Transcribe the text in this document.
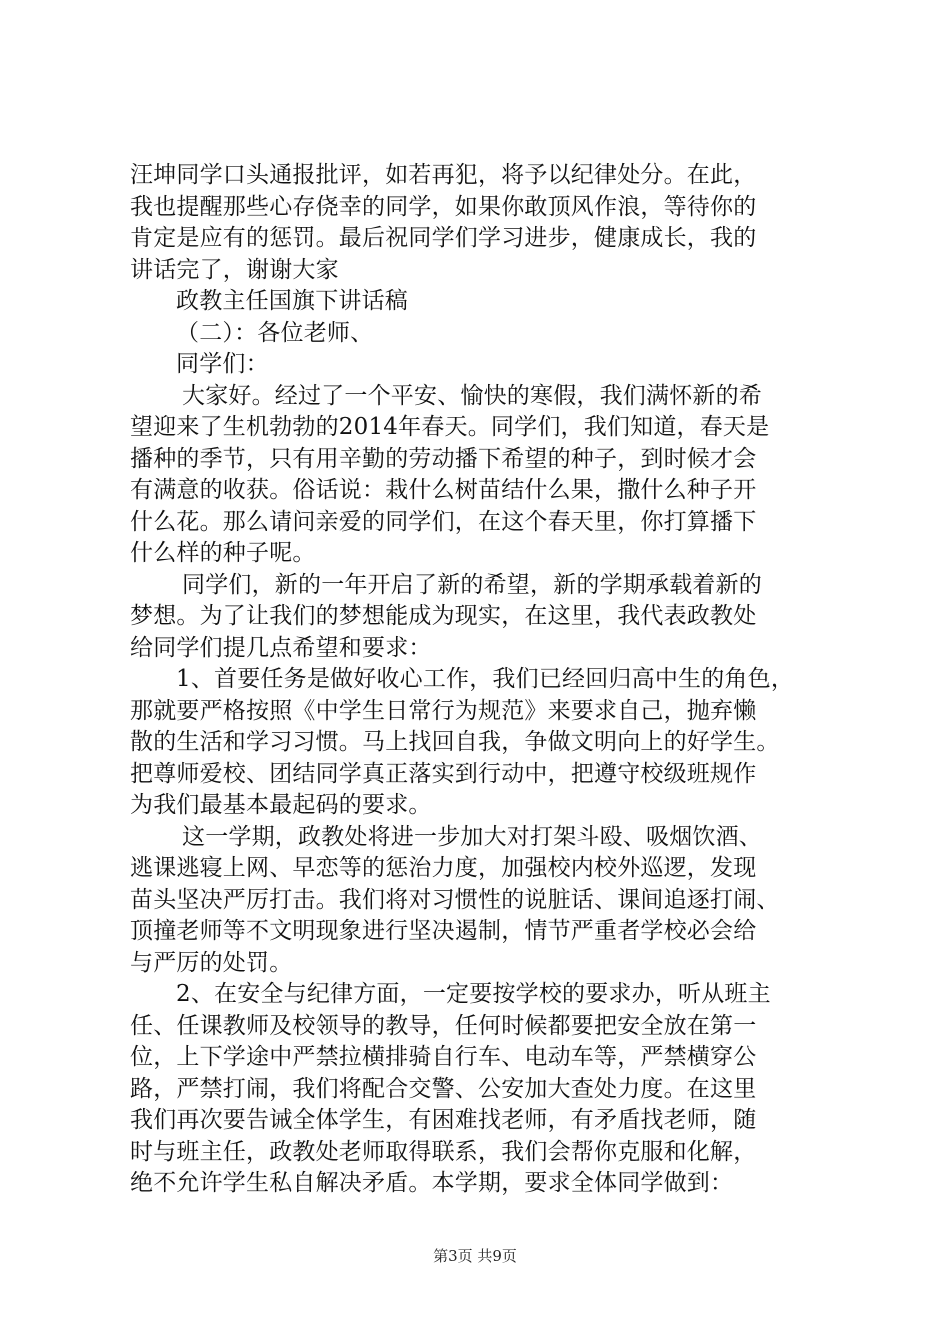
汪坤同学口头通报批评，如若再犯，将予以纪律处分。在此，
我也提醒那些心存侥幸的同学，如果你敢顶风作浪，等待你的
肯定是应有的惩罚。最后祝同学们学习进步，健康成长，我的
讲话完了，谢谢大家
政教主任国旗下讲话稿
（二）：各位老师、
同学们：
大家好。经过了一个平安、愉快的寒假，我们满怀新的希
望迎来了生机勃勃的2014年春天。同学们，我们知道，春天是
播种的季节，只有用辛勤的劳动播下希望的种子，到时候才会
有满意的收获。俗话说：栽什么树苗结什么果，撒什么种子开
什么花。那么请问亲爱的同学们，在这个春天里，你打算播下
什么样的种子呢。
同学们，新的一年开启了新的希望，新的学期承载着新的
梦想。为了让我们的梦想能成为现实，在这里，我代表政教处
给同学们提几点希望和要求：
1、首要任务是做好收心工作，我们已经回归高中生的角色，
那就要严格按照《中学生日常行为规范》来要求自己，抛弃懒
散的生活和学习习惯。马上找回自我，争做文明向上的好学生。
把尊师爱校、团结同学真正落实到行动中，把遵守校级班规作
为我们最基本最起码的要求。
这一学期，政教处将进一步加大对打架斗殴、吸烟饮酒、
逃课逃寝上网、早恋等的惩治力度，加强校内校外巡逻，发现
苗头坚决严厉打击。我们将对习惯性的说脏话、课间追逐打闹、
顶撞老师等不文明现象进行坚决遏制，情节严重者学校必会给
与严厉的处罚。
2、在安全与纪律方面，一定要按学校的要求办，听从班主
任、任课教师及校领导的教导，任何时候都要把安全放在第一
位，上下学途中严禁拉横排骑自行车、电动车等，严禁横穿公
路，严禁打闹，我们将配合交警、公安加大查处力度。在这里
我们再次要告诫全体学生，有困难找老师，有矛盾找老师，随
时与班主任，政教处老师取得联系，我们会帮你克服和化解，
绝不允许学生私自解决矛盾。本学期，要求全体同学做到：
第3页 共9页
